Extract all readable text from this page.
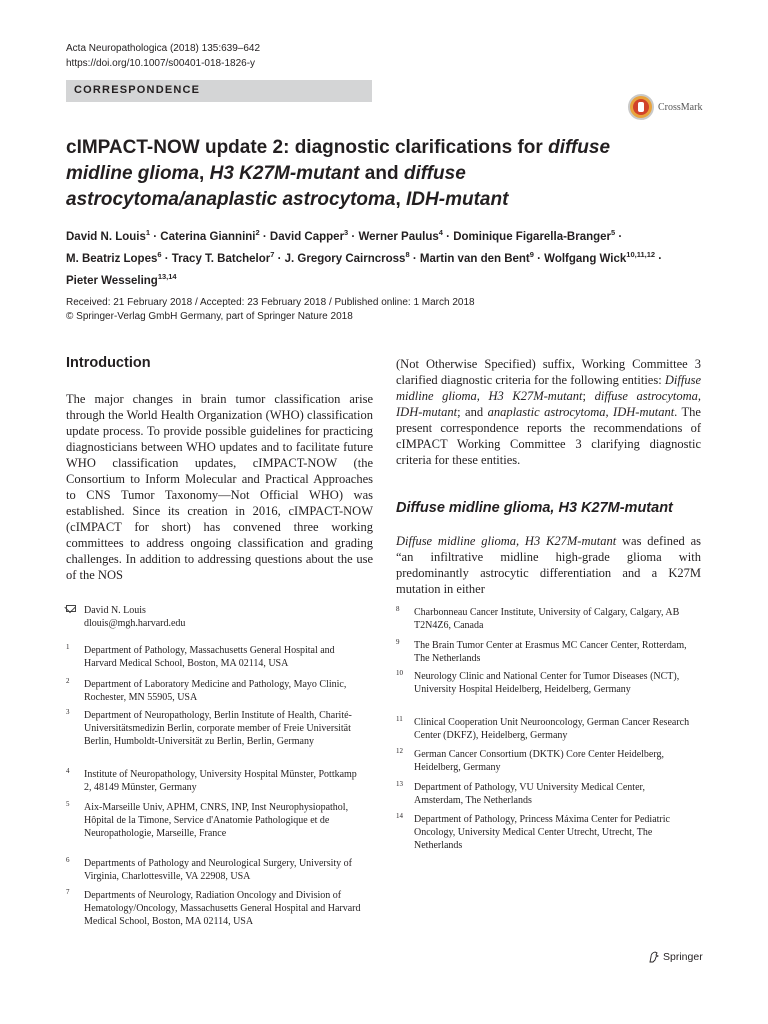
Acta Neuropathologica (2018) 135:639–642
https://doi.org/10.1007/s00401-018-1826-y
CORRESPONDENCE
CrossMark
cIMPACT-NOW update 2: diagnostic clarifications for diffuse midline glioma, H3 K27M-mutant and diffuse astrocytoma/anaplastic astrocytoma, IDH-mutant
David N. Louis$^1$ · Caterina Giannini$^2$ · David Capper$^3$ · Werner Paulus$^4$ · Dominique Figarella-Branger$^5$ ·
M. Beatriz Lopes$^6$ · Tracy T. Batchelor$^7$ · J. Gregory Cairncross$^8$ · Martin van den Bent$^9$ · Wolfgang Wick$^{10,11,12}$ ·
Pieter Wesseling$^{13,14}$
Received: 21 February 2018 / Accepted: 23 February 2018 / Published online: 1 March 2018
© Springer-Verlag GmbH Germany, part of Springer Nature 2018
Introduction
The major changes in brain tumor classification arise through the World Health Organization (WHO) classification update process. To provide possible guidelines for practicing diagnosticians between WHO updates and to facilitate future WHO classification updates, cIMPACT-NOW (the Consortium to Inform Molecular and Practical Approaches to CNS Tumor Taxonomy—Not Official WHO) was established. Since its creation in 2016, cIMPACT-NOW (cIMPACT for short) has convened three working committees to address ongoing classification and grading challenges. In addition to addressing questions about the use of the NOS
(Not Otherwise Specified) suffix, Working Committee 3 clarified diagnostic criteria for the following entities: Diffuse midline glioma, H3 K27M-mutant; diffuse astrocytoma, IDH-mutant; and anaplastic astrocytoma, IDH-mutant. The present correspondence reports the recommendations of cIMPACT Working Committee 3 clarifying diagnostic criteria for these entities.
Diffuse midline glioma, H3 K27M-mutant
Diffuse midline glioma, H3 K27M-mutant was defined as “an infiltrative midline high-grade glioma with predominantly astrocytic differentiation and a K27M mutation in either
David N. Louis
dlouis@mgh.harvard.edu
1 Department of Pathology, Massachusetts General Hospital and Harvard Medical School, Boston, MA 02114, USA
2 Department of Laboratory Medicine and Pathology, Mayo Clinic, Rochester, MN 55905, USA
3 Department of Neuropathology, Berlin Institute of Health, Charité-Universitätsmedizin Berlin, corporate member of Freie Universität Berlin, Humboldt-Universität zu Berlin, Berlin, Germany
4 Institute of Neuropathology, University Hospital Münster, Pottkamp 2, 48149 Münster, Germany
5 Aix-Marseille Univ, APHM, CNRS, INP, Inst Neurophysiopathol, Hôpital de la Timone, Service d'Anatomie Pathologique et de Neuropathologie, Marseille, France
6 Departments of Pathology and Neurological Surgery, University of Virginia, Charlottesville, VA 22908, USA
7 Departments of Neurology, Radiation Oncology and Division of Hematology/Oncology, Massachusetts General Hospital and Harvard Medical School, Boston, MA 02114, USA
8 Charbonneau Cancer Institute, University of Calgary, Calgary, AB T2N4Z6, Canada
9 The Brain Tumor Center at Erasmus MC Cancer Center, Rotterdam, The Netherlands
10 Neurology Clinic and National Center for Tumor Diseases (NCT), University Hospital Heidelberg, Heidelberg, Germany
11 Clinical Cooperation Unit Neurooncology, German Cancer Research Center (DKFZ), Heidelberg, Germany
12 German Cancer Consortium (DKTK) Core Center Heidelberg, Heidelberg, Germany
13 Department of Pathology, VU University Medical Center, Amsterdam, The Netherlands
14 Department of Pathology, Princess Máxima Center for Pediatric Oncology, University Medical Center Utrecht, Utrecht, The Netherlands
Springer
